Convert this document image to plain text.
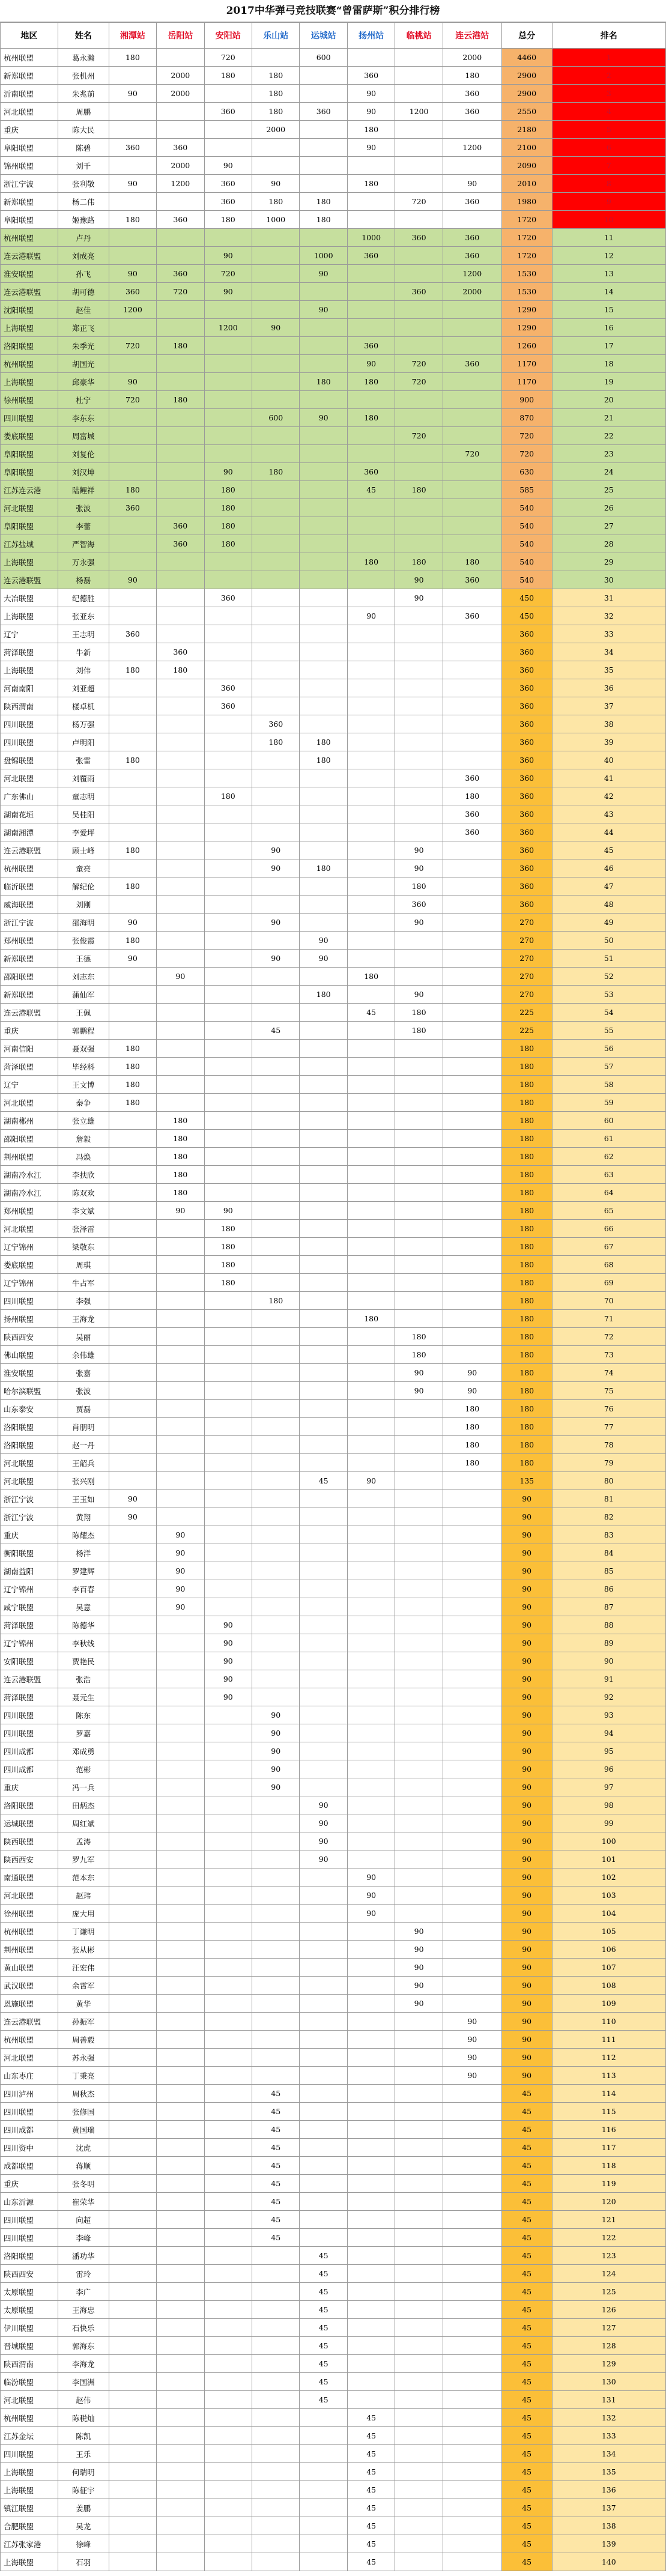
2017中华弹弓竞技联赛“曾雷萨斯”积分排行榜
地区	姓名	湘潭站	岳阳站	安阳站	乐山站	运城站	扬州站	临桃站	连云港站	总分	排名
杭州联盟	葛永瀚	180		720		600			2000	4460	1
新郑联盟	张机州		2000	180	180		360		180	2900	2
沂南联盟	朱兆前	90	2000		180		90		360	2900	3
河北联盟	周鹏			360	180	360	90	1200	360	2550	4
重庆	陈大民				2000		180			2180	5
阜阳联盟	陈碧	360	360				90		1200	2100	6
锦州联盟	刘千		2000	90						2090	7
浙江宁波	张利敬	90	1200	360	90		180		90	2010	8
新郑联盟	杨二伟			360	180	180		720	360	1980	9
阜阳联盟	姬豫路	180	360	180	1000	180				1720	10
杭州联盟	卢丹						1000	360	360	1720	11
连云港联盟	刘成亮			90		1000	360		360	1720	12
淮安联盟	孙飞	90	360	720		90			1200	1530	13
连云港联盟	胡可德	360	720	90				360	2000	1530	14
沈阳联盟	赵佳	1200				90				1290	15
上海联盟	郑正飞			1200	90					1290	16
洛阳联盟	朱季光	720	180				360			1260	17
杭州联盟	胡国光						90	720	360	1170	18
上海联盟	邱豪华	90				180	180	720		1170	19
徐州联盟	杜宁	720	180							900	20
四川联盟	李东东				600	90	180			870	21
娄底联盟	周富城							720		720	22
阜阳联盟	刘复伦								720	720	23
阜阳联盟	刘汉坤			90	180		360			630	24
江苏连云港	陆鲤祥	180		180			45	180		585	25
河北联盟	张波	360		180						540	26
阜阳联盟	李蕾		360	180						540	27
江苏盐城	严智海		360	180						540	28
上海联盟	万永强						180	180	180	540	29
连云港联盟	杨磊	90						90	360	540	30
大冶联盟	纪德胜			360				90		450	31
上海联盟	张亚东						90		360	450	32
辽宁	王志明	360								360	33
菏泽联盟	牛新		360							360	34
上海联盟	刘伟	180	180							360	35
河南南阳	刘亚超			360						360	36
陕西渭南	楼卓机			360						360	37
四川联盟	杨万强				360					360	38
四川联盟	卢明阳				180	180				360	39
盘锦联盟	张雷	180				180				360	40
河北联盟	刘覆雨								360	360	41
广东佛山	童志明			180					180	360	42
湖南花垣	吴桂阳								360	360	43
湖南湘潭	李爱坪								360	360	44
连云港联盟	顾士峰	180			90			90		360	45
杭州联盟	童亮				90	180		90		360	46
临沂联盟	解纪伦	180						180		360	47
威海联盟	刘刚							360		360	48
浙江宁波	邵海明	90			90			90		270	49
郑州联盟	张俊霞	180				90				270	50
新郑联盟	王德	90			90	90				270	51
邵阳联盟	刘志东		90				180			270	52
新郑联盟	蒲仙军					180		90		270	53
连云港联盟	王佩						45	180		225	54
重庆	郭鹏程				45			180		225	55
河南信阳	聂双强	180								180	56
菏泽联盟	毕经科	180								180	57
辽宁	王文博	180								180	58
河北联盟	秦争	180								180	59
湖南郴州	张立雄		180							180	60
邵阳联盟	詹毅		180							180	61
荆州联盟	冯焕		180							180	62
湖南冷水江	李扶欣		180							180	63
湖南冷水江	陈双欢		180							180	64
郑州联盟	李文斌		90	90						180	65
河北联盟	张泽雷			180						180	66
辽宁锦州	梁敬东			180						180	67
娄底联盟	周琪			180						180	68
辽宁锦州	牛占军			180						180	69
四川联盟	李强				180					180	70
扬州联盟	王海龙						180			180	71
陕西西安	吴丽							180		180	72
佛山联盟	余伟雄							180		180	73
淮安联盟	张嘉							90	90	180	74
哈尔滨联盟	张波							90	90	180	75
山东泰安	贾磊								180	180	76
洛阳联盟	肖朋明								180	180	77
洛阳联盟	赵一丹								180	180	78
河北联盟	王韶兵								180	180	79
河北联盟	张兴刚					45	90			135	80
浙江宁波	王玉如	90								90	81
浙江宁波	黄翔	90								90	82
重庆	陈耀杰		90							90	83
衡阳联盟	杨洋		90							90	84
湖南益阳	罗建辉		90							90	85
辽宁锦州	李百春		90							90	86
咸宁联盟	吴意		90							90	87
菏泽联盟	陈德华			90						90	88
辽宁锦州	李秋线			90						90	89
安阳联盟	贾艳民			90						90	90
连云港联盟	张浩			90						90	91
菏泽联盟	聂元生			90						90	92
四川联盟	陈东				90					90	93
四川联盟	罗嘉				90					90	94
四川成都	邓成勇				90					90	95
四川成都	范彬				90					90	96
重庆	冯一兵				90					90	97
洛阳联盟	田炳杰					90				90	98
运城联盟	周红斌					90				90	99
陕西联盟	孟涛					90				90	100
陕西西安	罗九军					90				90	101
南通联盟	范本东						90			90	102
河北联盟	赵玮						90			90	103
徐州联盟	庞大用						90			90	104
杭州联盟	丁谦明							90		90	105
荆州联盟	张从彬							90		90	106
黄山联盟	汪宏伟							90		90	107
武汉联盟	余霄军							90		90	108
恩施联盟	黄华							90		90	109
连云港联盟	孙振军								90	90	110
杭州联盟	周善毅								90	90	111
河北联盟	苏永强								90	90	112
山东枣庄	丁秉亮								90	90	113
四川泸州	周秋杰				45					45	114
四川联盟	张修国				45					45	115
四川成都	黄国瑞				45					45	116
四川资中	沈虎				45					45	117
成都联盟	蒋顺				45					45	118
重庆	张冬明				45					45	119
山东沂源	崔荣华				45					45	120
四川联盟	向超				45					45	121
四川联盟	李峰				45					45	122
洛阳联盟	潘功华					45				45	123
陕西西安	雷玲					45				45	124
太原联盟	李广					45				45	125
太原联盟	王海忠					45				45	126
伊川联盟	石快乐					45				45	127
晋城联盟	郭海东					45				45	128
陕西渭南	李海龙					45				45	129
临汾联盟	李国洲					45				45	130
河北联盟	赵伟					45				45	131
杭州联盟	陈税灿						45			45	132
江苏金坛	陈凯						45			45	133
四川联盟	王乐						45			45	134
上海联盟	何瑞明						45			45	135
上海联盟	陈征宇						45			45	136
镇江联盟	姜鹏						45			45	137
合肥联盟	吴龙						45			45	138
江苏张家港	徐峰						45			45	139
上海联盟	石羽						45			45	140
